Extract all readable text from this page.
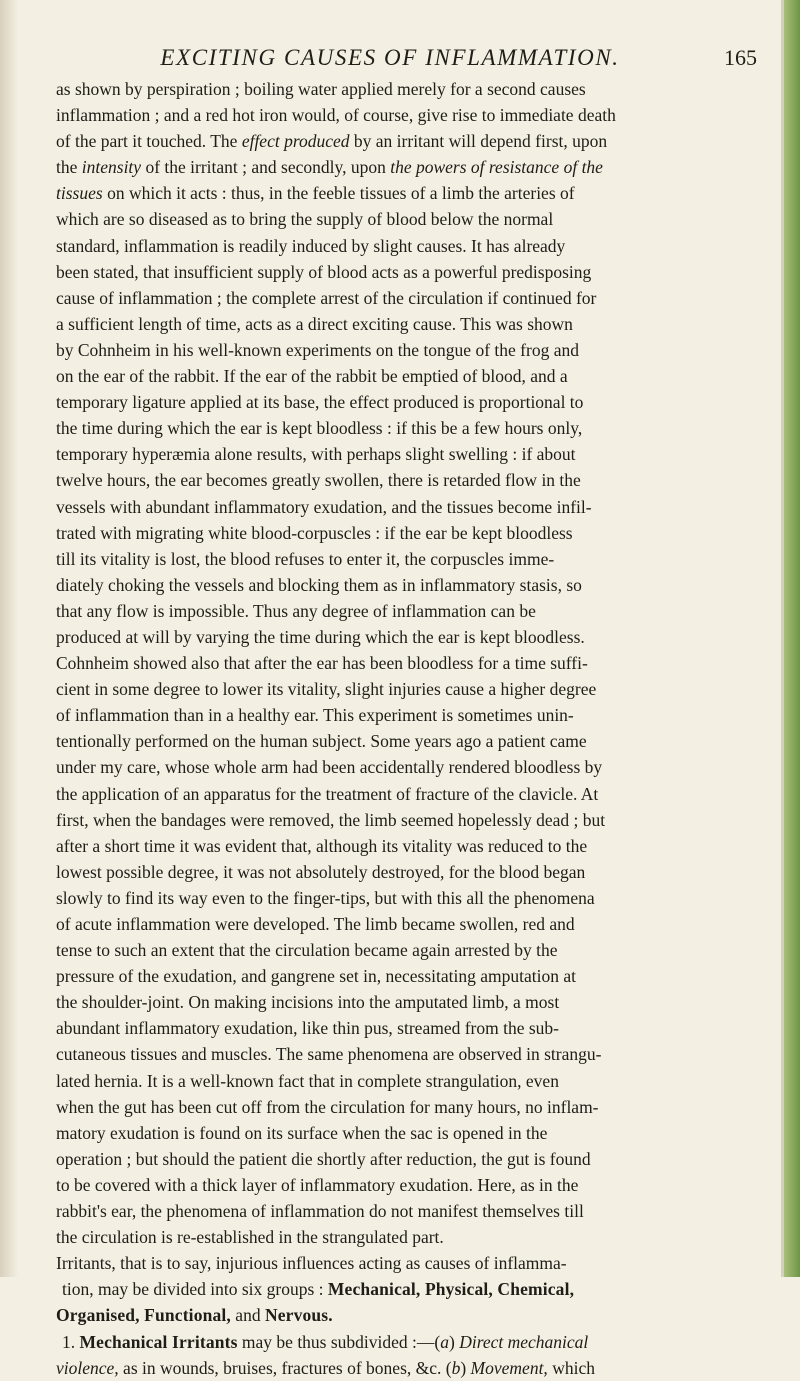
EXCITING CAUSES OF INFLAMMATION.	165
as shown by perspiration ; boiling water applied merely for a second causes
inflammation ; and a red hot iron would, of course, give rise to immediate death
of the part it touched. The effect produced by an irritant will depend first, upon
the intensity of the irritant ; and secondly, upon the powers of resistance of the
tissues on which it acts : thus, in the feeble tissues of a limb the arteries of
which are so diseased as to bring the supply of blood below the normal
standard, inflammation is readily induced by slight causes. It has already
been stated, that insufficient supply of blood acts as a powerful predisposing
cause of inflammation ; the complete arrest of the circulation if continued for
a sufficient length of time, acts as a direct exciting cause. This was shown
by Cohnheim in his well-known experiments on the tongue of the frog and
on the ear of the rabbit. If the ear of the rabbit be emptied of blood, and a
temporary ligature applied at its base, the effect produced is proportional to
the time during which the ear is kept bloodless : if this be a few hours only,
temporary hyperæmia alone results, with perhaps slight swelling : if about
twelve hours, the ear becomes greatly swollen, there is retarded flow in the
vessels with abundant inflammatory exudation, and the tissues become infil-
trated with migrating white blood-corpuscles : if the ear be kept bloodless
till its vitality is lost, the blood refuses to enter it, the corpuscles imme-
diately choking the vessels and blocking them as in inflammatory stasis, so
that any flow is impossible. Thus any degree of inflammation can be
produced at will by varying the time during which the ear is kept bloodless.
Cohnheim showed also that after the ear has been bloodless for a time suffi-
cient in some degree to lower its vitality, slight injuries cause a higher degree
of inflammation than in a healthy ear. This experiment is sometimes unin-
tentionally performed on the human subject. Some years ago a patient came
under my care, whose whole arm had been accidentally rendered bloodless by
the application of an apparatus for the treatment of fracture of the clavicle. At
first, when the bandages were removed, the limb seemed hopelessly dead ; but
after a short time it was evident that, although its vitality was reduced to the
lowest possible degree, it was not absolutely destroyed, for the blood began
slowly to find its way even to the finger-tips, but with this all the phenomena
of acute inflammation were developed. The limb became swollen, red and
tense to such an extent that the circulation became again arrested by the
pressure of the exudation, and gangrene set in, necessitating amputation at
the shoulder-joint. On making incisions into the amputated limb, a most
abundant inflammatory exudation, like thin pus, streamed from the sub-
cutaneous tissues and muscles. The same phenomena are observed in strangu-
lated hernia. It is a well-known fact that in complete strangulation, even
when the gut has been cut off from the circulation for many hours, no inflam-
matory exudation is found on its surface when the sac is opened in the
operation ; but should the patient die shortly after reduction, the gut is found
to be covered with a thick layer of inflammatory exudation. Here, as in the
rabbit's ear, the phenomena of inflammation do not manifest themselves till
the circulation is re-established in the strangulated part.
Irritants, that is to say, injurious influences acting as causes of inflamma-
tion, may be divided into six groups : Mechanical, Physical, Chemical,
Organised, Functional, and Nervous.
1. Mechanical Irritants may be thus subdivided :—(a) Direct mechanical
violence, as in wounds, bruises, fractures of bones, &c. (b) Movement, which
